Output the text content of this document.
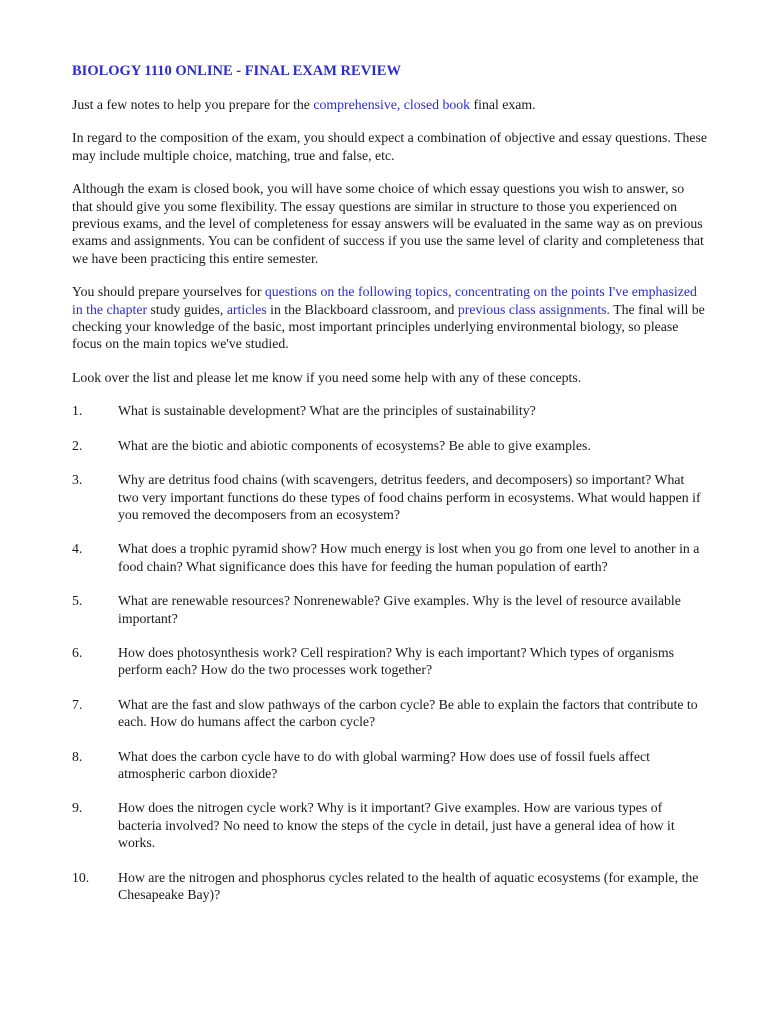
BIOLOGY 1110 ONLINE - FINAL EXAM REVIEW

Just a few notes to help you prepare for the comprehensive, closed book final exam.

In regard to the composition of the exam, you should expect a combination of objective and essay questions. These may include multiple choice, matching, true and false, etc.

Although the exam is closed book, you will have some choice of which essay questions you wish to answer, so that should give you some flexibility. The essay questions are similar in structure to those you experienced on previous exams, and the level of completeness for essay answers will be evaluated in the same way as on previous exams and assignments. You can be confident of success if you use the same level of clarity and completeness that we have been practicing this entire semester.

You should prepare yourselves for questions on the following topics, concentrating on the points I've emphasized in the chapter study guides, articles in the Blackboard classroom, and previous class assignments. The final will be checking your knowledge of the basic, most important principles underlying environmental biology, so please focus on the main topics we've studied.

Look over the list and please let me know if you need some help with any of these concepts.

1.	What is sustainable development? What are the principles of sustainability?
2.	What are the biotic and abiotic components of ecosystems? Be able to give examples.
3.	Why are detritus food chains (with scavengers, detritus feeders, and decomposers) so important? What two very important functions do these types of food chains perform in ecosystems. What would happen if you removed the decomposers from an ecosystem?
4.	What does a trophic pyramid show? How much energy is lost when you go from one level to another in a food chain? What significance does this have for feeding the human population of earth?
5.	What are renewable resources? Nonrenewable? Give examples. Why is the level of resource available important?
6.	How does photosynthesis work? Cell respiration? Why is each important? Which types of organisms perform each? How do the two processes work together?
7.	What are the fast and slow pathways of the carbon cycle? Be able to explain the factors that contribute to each. How do humans affect the carbon cycle?
8.	What does the carbon cycle have to do with global warming? How does use of fossil fuels affect atmospheric carbon dioxide?
9.	How does the nitrogen cycle work? Why is it important? Give examples. How are various types of bacteria involved? No need to know the steps of the cycle in detail, just have a general idea of how it works.
10.	How are the nitrogen and phosphorus cycles related to the health of aquatic ecosystems (for example, the Chesapeake Bay)?
